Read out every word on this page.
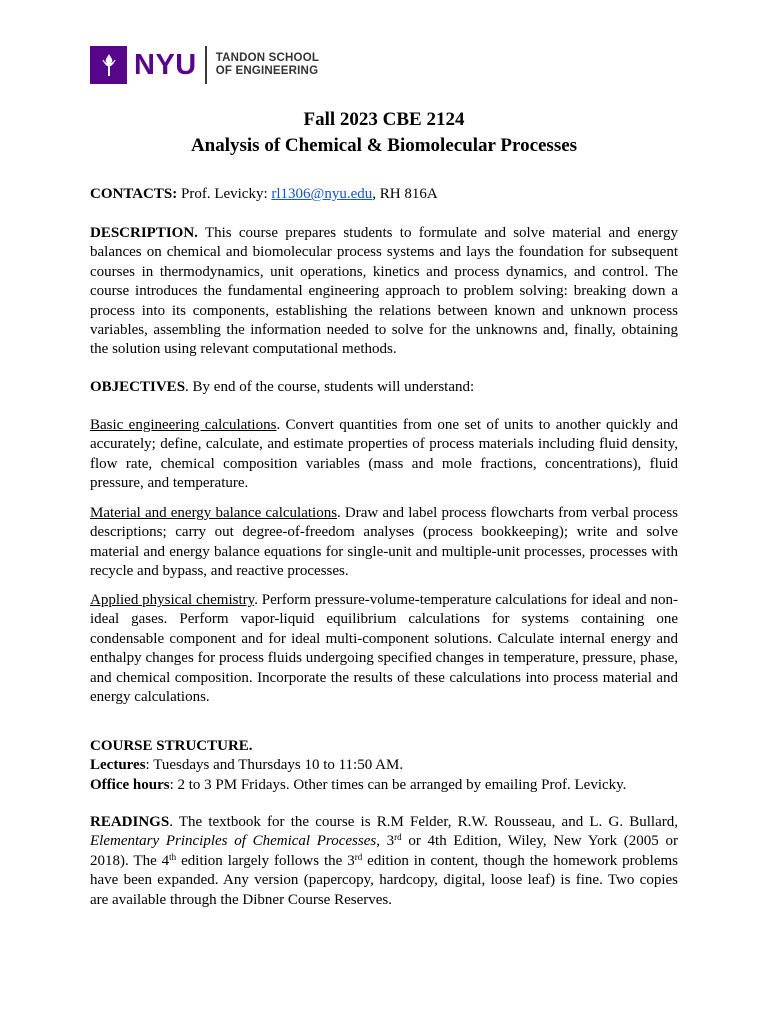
NYU TANDON SCHOOL
OF ENGINEERING
Fall 2023 CBE 2124
Analysis of Chemical & Biomolecular Processes

CONTACTS: Prof. Levicky: rl1306@nyu.edu, RH 816A

DESCRIPTION. This course prepares students to formulate and solve material and energy balances on chemical and biomolecular process systems and lays the foundation for subsequent courses in thermodynamics, unit operations, kinetics and process dynamics, and control. The course introduces the fundamental engineering approach to problem solving: breaking down a process into its components, establishing the relations between known and unknown process variables, assembling the information needed to solve for the unknowns and, finally, obtaining the solution using relevant computational methods.

OBJECTIVES. By end of the course, students will understand:

Basic engineering calculations. Convert quantities from one set of units to another quickly and accurately; define, calculate, and estimate properties of process materials including fluid density, flow rate, chemical composition variables (mass and mole fractions, concentrations), fluid pressure, and temperature.

Material and energy balance calculations. Draw and label process flowcharts from verbal process descriptions; carry out degree-of-freedom analyses (process bookkeeping); write and solve material and energy balance equations for single-unit and multiple-unit processes, processes with recycle and bypass, and reactive processes.

Applied physical chemistry. Perform pressure-volume-temperature calculations for ideal and non-ideal gases. Perform vapor-liquid equilibrium calculations for systems containing one condensable component and for ideal multi-component solutions. Calculate internal energy and enthalpy changes for process fluids undergoing specified changes in temperature, pressure, phase, and chemical composition. Incorporate the results of these calculations into process material and energy calculations.

COURSE STRUCTURE.

Lectures: Tuesdays and Thursdays 10 to 11:50 AM.

Office hours: 2 to 3 PM Fridays. Other times can be arranged by emailing Prof. Levicky.

READINGS. The textbook for the course is R.M Felder, R.W. Rousseau, and L. G. Bullard, Elementary Principles of Chemical Processes, 3rd or 4th Edition, Wiley, New York (2005 or 2018). The 4th edition largely follows the 3rd edition in content, though the homework problems have been expanded. Any version (papercopy, hardcopy, digital, loose leaf) is fine. Two copies are available through the Dibner Course Reserves.
